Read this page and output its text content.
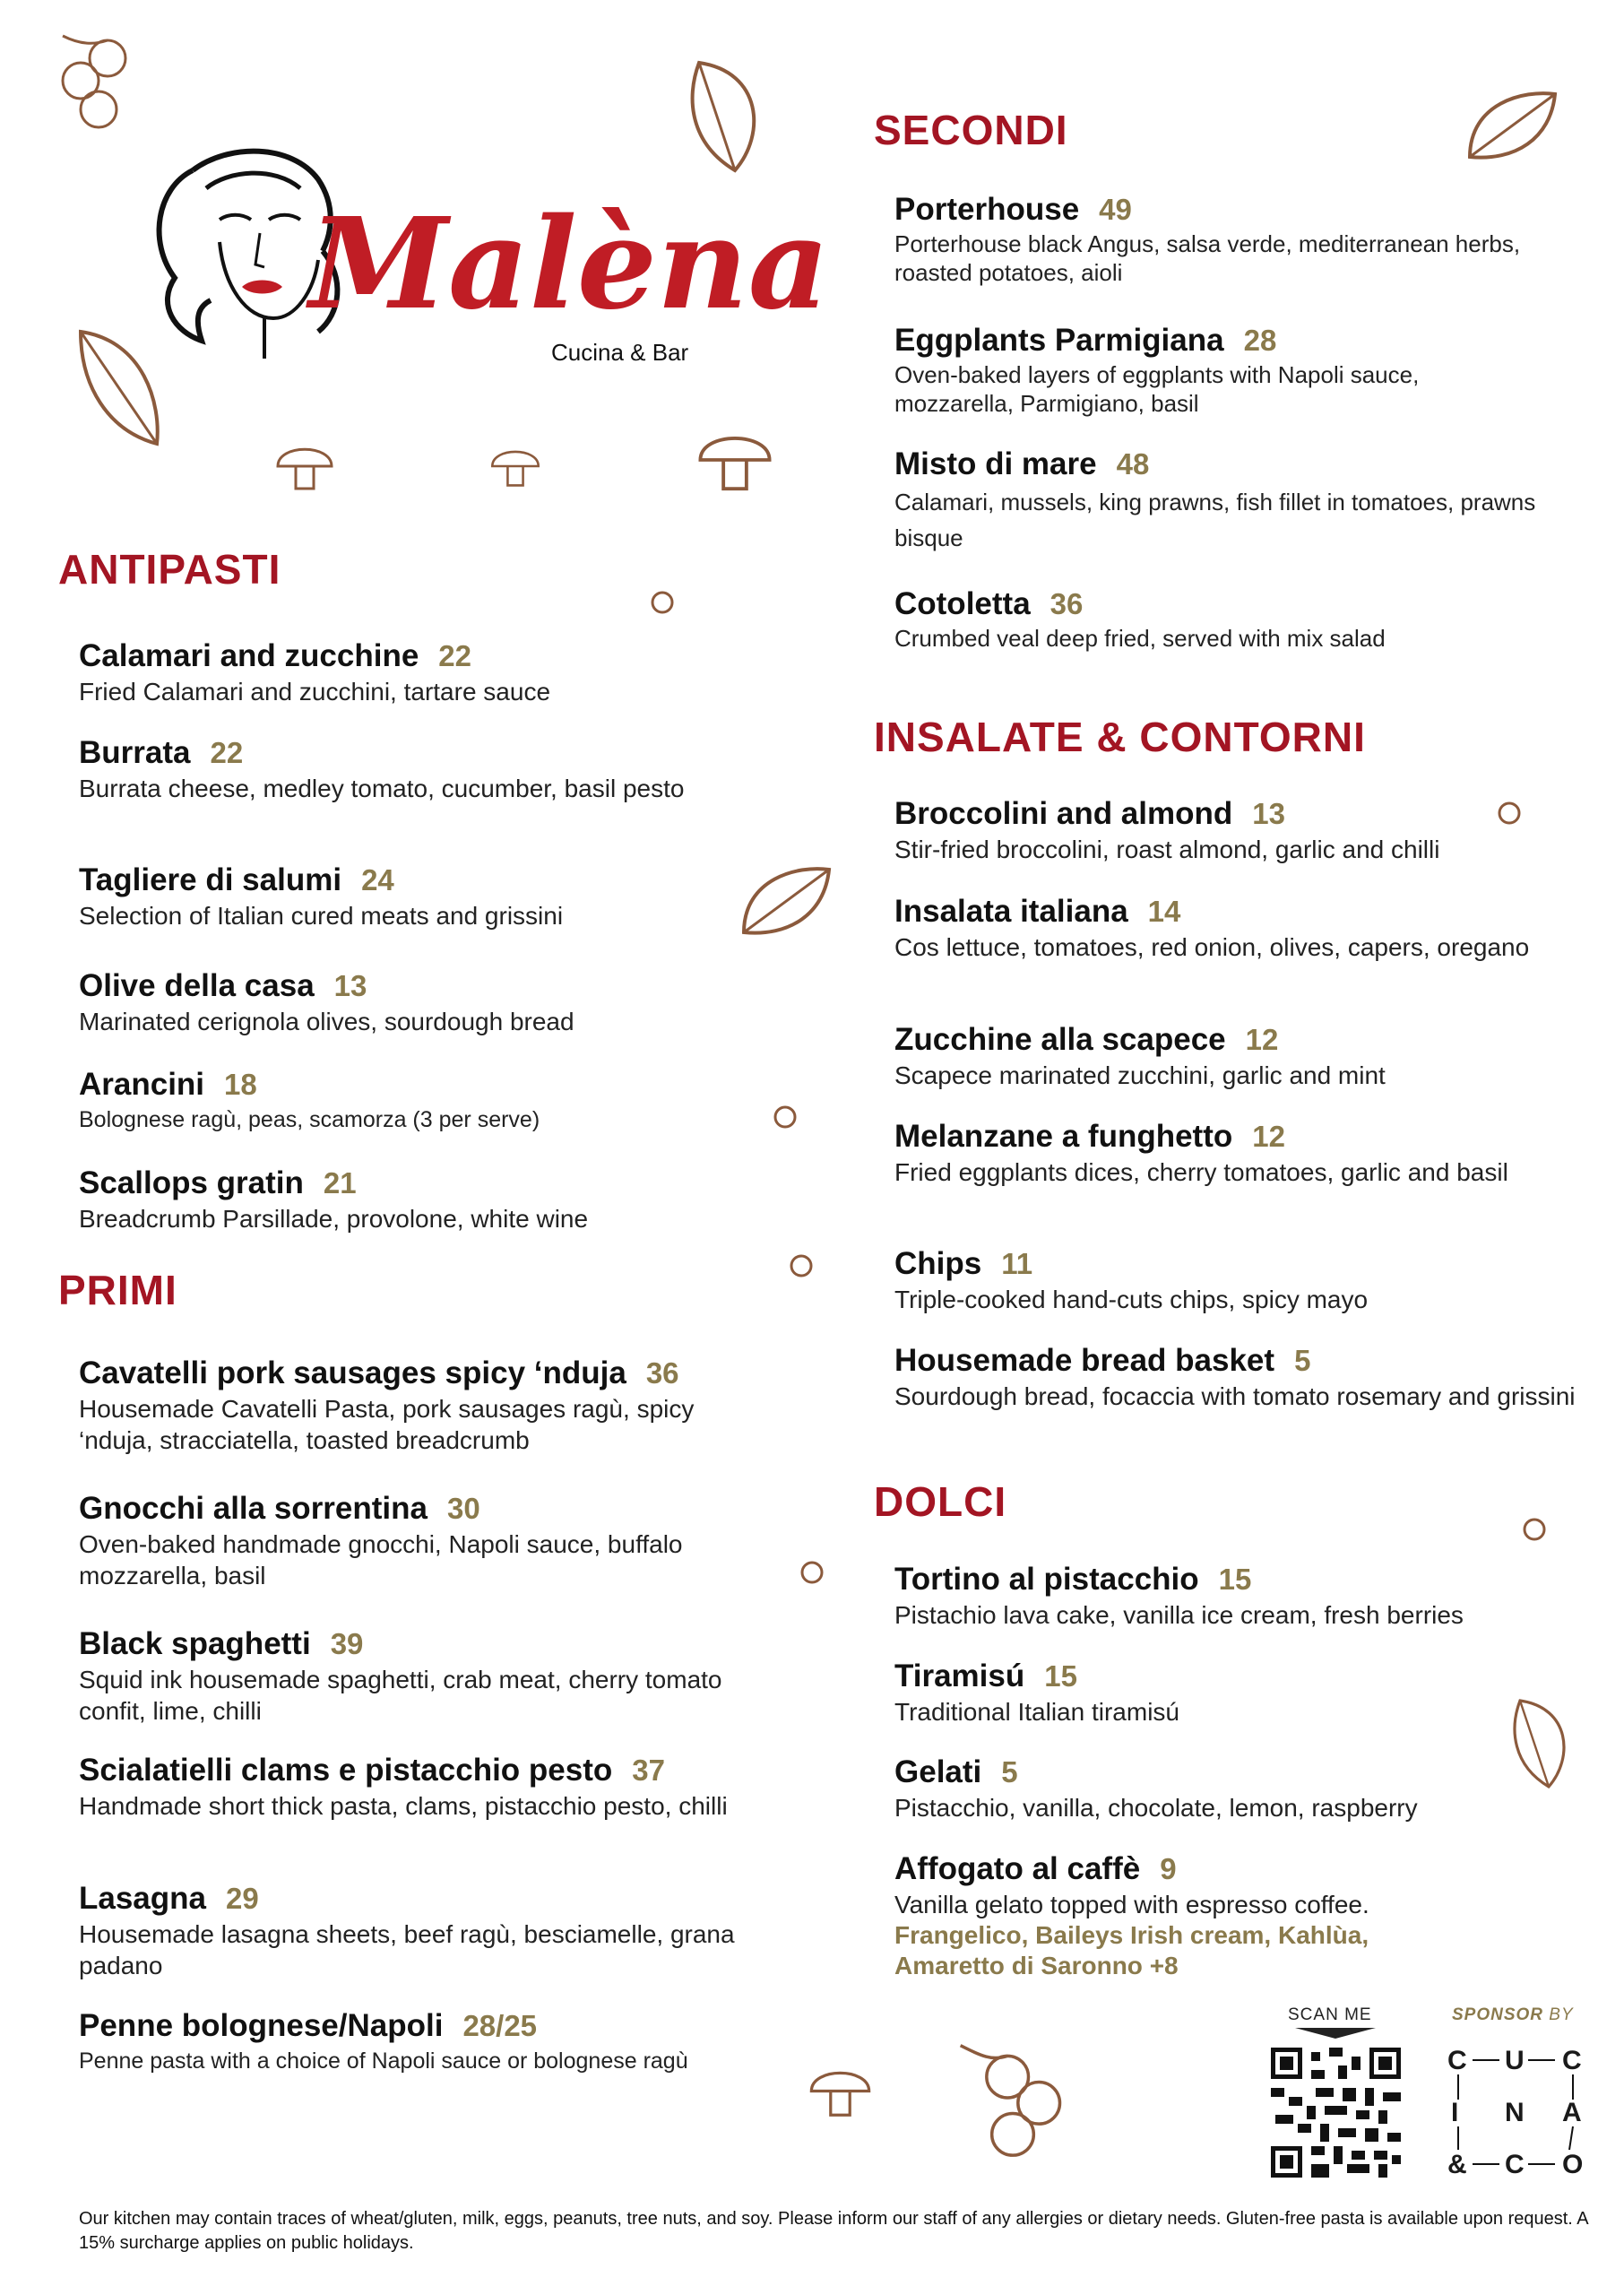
Malèna
Cucina & Bar
ANTIPASTI
Calamari and zucchine 22
Fried Calamari and zucchini, tartare sauce
Burrata 22
Burrata cheese, medley tomato, cucumber, basil pesto
Tagliere di salumi 24
Selection of Italian cured meats and grissini
Olive della casa 13
Marinated cerignola olives, sourdough bread
Arancini 18
Bolognese ragù, peas, scamorza (3 per serve)
Scallops gratin 21
Breadcrumb Parsillade, provolone, white wine
PRIMI
Cavatelli pork sausages spicy ‘nduja 36
Housemade Cavatelli Pasta, pork sausages ragù, spicy ‘nduja, stracciatella, toasted breadcrumb
Gnocchi alla sorrentina 30
Oven-baked handmade gnocchi, Napoli sauce, buffalo mozzarella, basil
Black spaghetti 39
Squid ink housemade spaghetti, crab meat, cherry tomato confit, lime, chilli
Scialatielli clams e pistacchio pesto 37
Handmade short thick pasta, clams, pistacchio pesto, chilli
Lasagna 29
Housemade lasagna sheets, beef ragù, besciamelle, grana padano
Penne bolognese/Napoli 28/25
Penne pasta with a choice of Napoli sauce or bolognese ragù
SECONDI
Porterhouse 49
Porterhouse black Angus, salsa verde, mediterranean herbs, roasted potatoes, aioli
Eggplants Parmigiana 28
Oven-baked layers of eggplants with Napoli sauce, mozzarella, Parmigiano, basil
Misto di mare 48
Calamari, mussels, king prawns, fish fillet in tomatoes, prawns bisque
Cotoletta 36
Crumbed veal deep fried, served with mix salad
INSALATE & CONTORNI
Broccolini and almond 13
Stir-fried broccolini, roast almond, garlic and chilli
Insalata italiana 14
Cos lettuce, tomatoes, red onion, olives, capers, oregano
Zucchine alla scapece 12
Scapece marinated zucchini, garlic and mint
Melanzane a funghetto 12
Fried eggplants dices, cherry tomatoes, garlic and basil
Chips 11
Triple-cooked hand-cuts chips, spicy mayo
Housemade bread basket 5
Sourdough bread, focaccia with tomato rosemary and grissini
DOLCI
Tortino al pistacchio 15
Pistachio lava cake, vanilla ice cream, fresh berries
Tiramisú 15
Traditional Italian tiramisú
Gelati 5
Pistacchio, vanilla, chocolate, lemon, raspberry
Affogato al caffè 9
Vanilla gelato topped with espresso coffee.
Frangelico, Baileys Irish cream, Kahlùa, Amaretto di Saronno +8
SCAN ME	SPONSOR BY
C U C
I N A
& C O
Our kitchen may contain traces of wheat/gluten, milk, eggs, peanuts, tree nuts, and soy. Please inform our staff of any allergies or dietary needs. Gluten-free pasta is available upon request. A 15% surcharge applies on public holidays.
